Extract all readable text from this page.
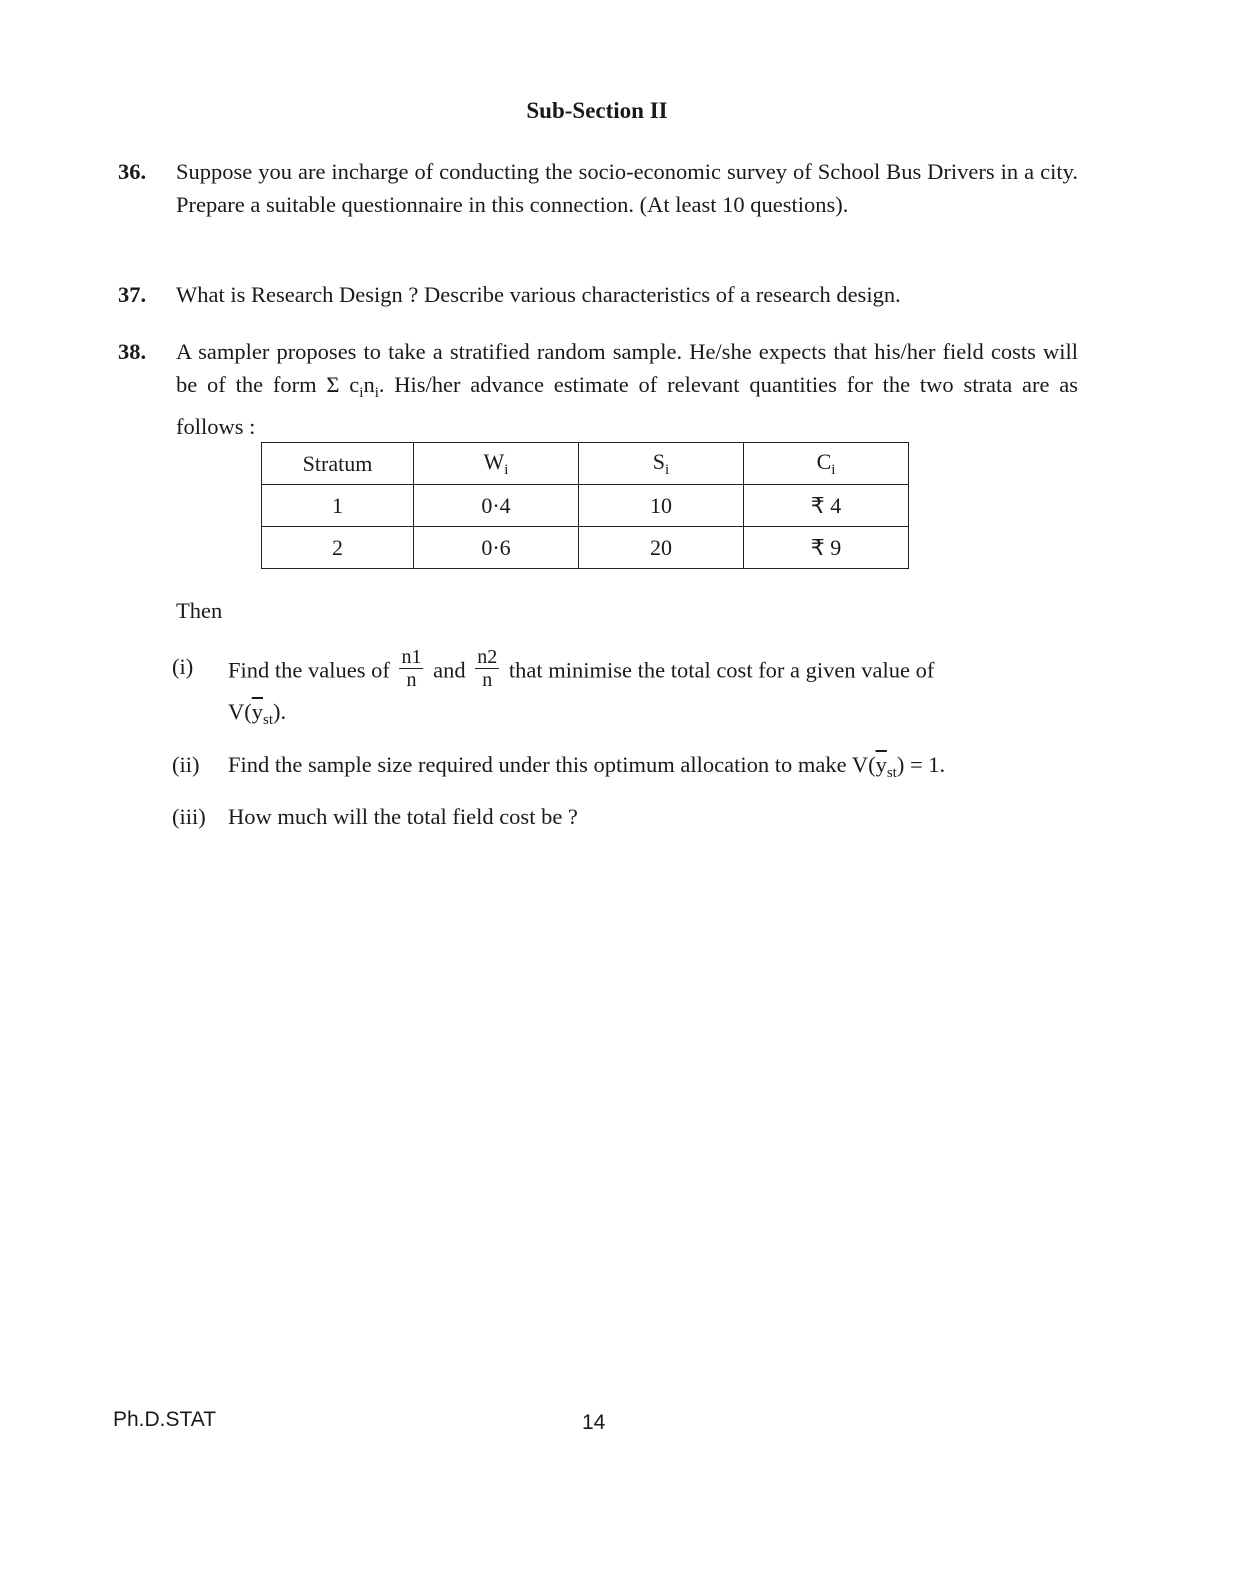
Sub-Section II
36. Suppose you are incharge of conducting the socio-economic survey of School Bus Drivers in a city. Prepare a suitable questionnaire in this connection. (At least 10 questions).
37. What is Research Design ? Describe various characteristics of a research design.
38. A sampler proposes to take a stratified random sample. He/she expects that his/her field costs will be of the form Σ $c_in_i$. His/her advance estimate of relevant quantities for the two strata are as follows :
Stratum	$W_i$	$S_i$	$C_i$
1	0·4	10	₹ 4
2	0·6	20	₹ 9
Then
(i) Find the values of $\frac{n1}{n}$ and $\frac{n2}{n}$ that minimise the total cost for a given value of
$V(\overline{y}_{st})$.
(ii) Find the sample size required under this optimum allocation to make $V(\overline{y}_{st}) = 1$.
(iii) How much will the total field cost be ?
Ph.D.STAT	14
